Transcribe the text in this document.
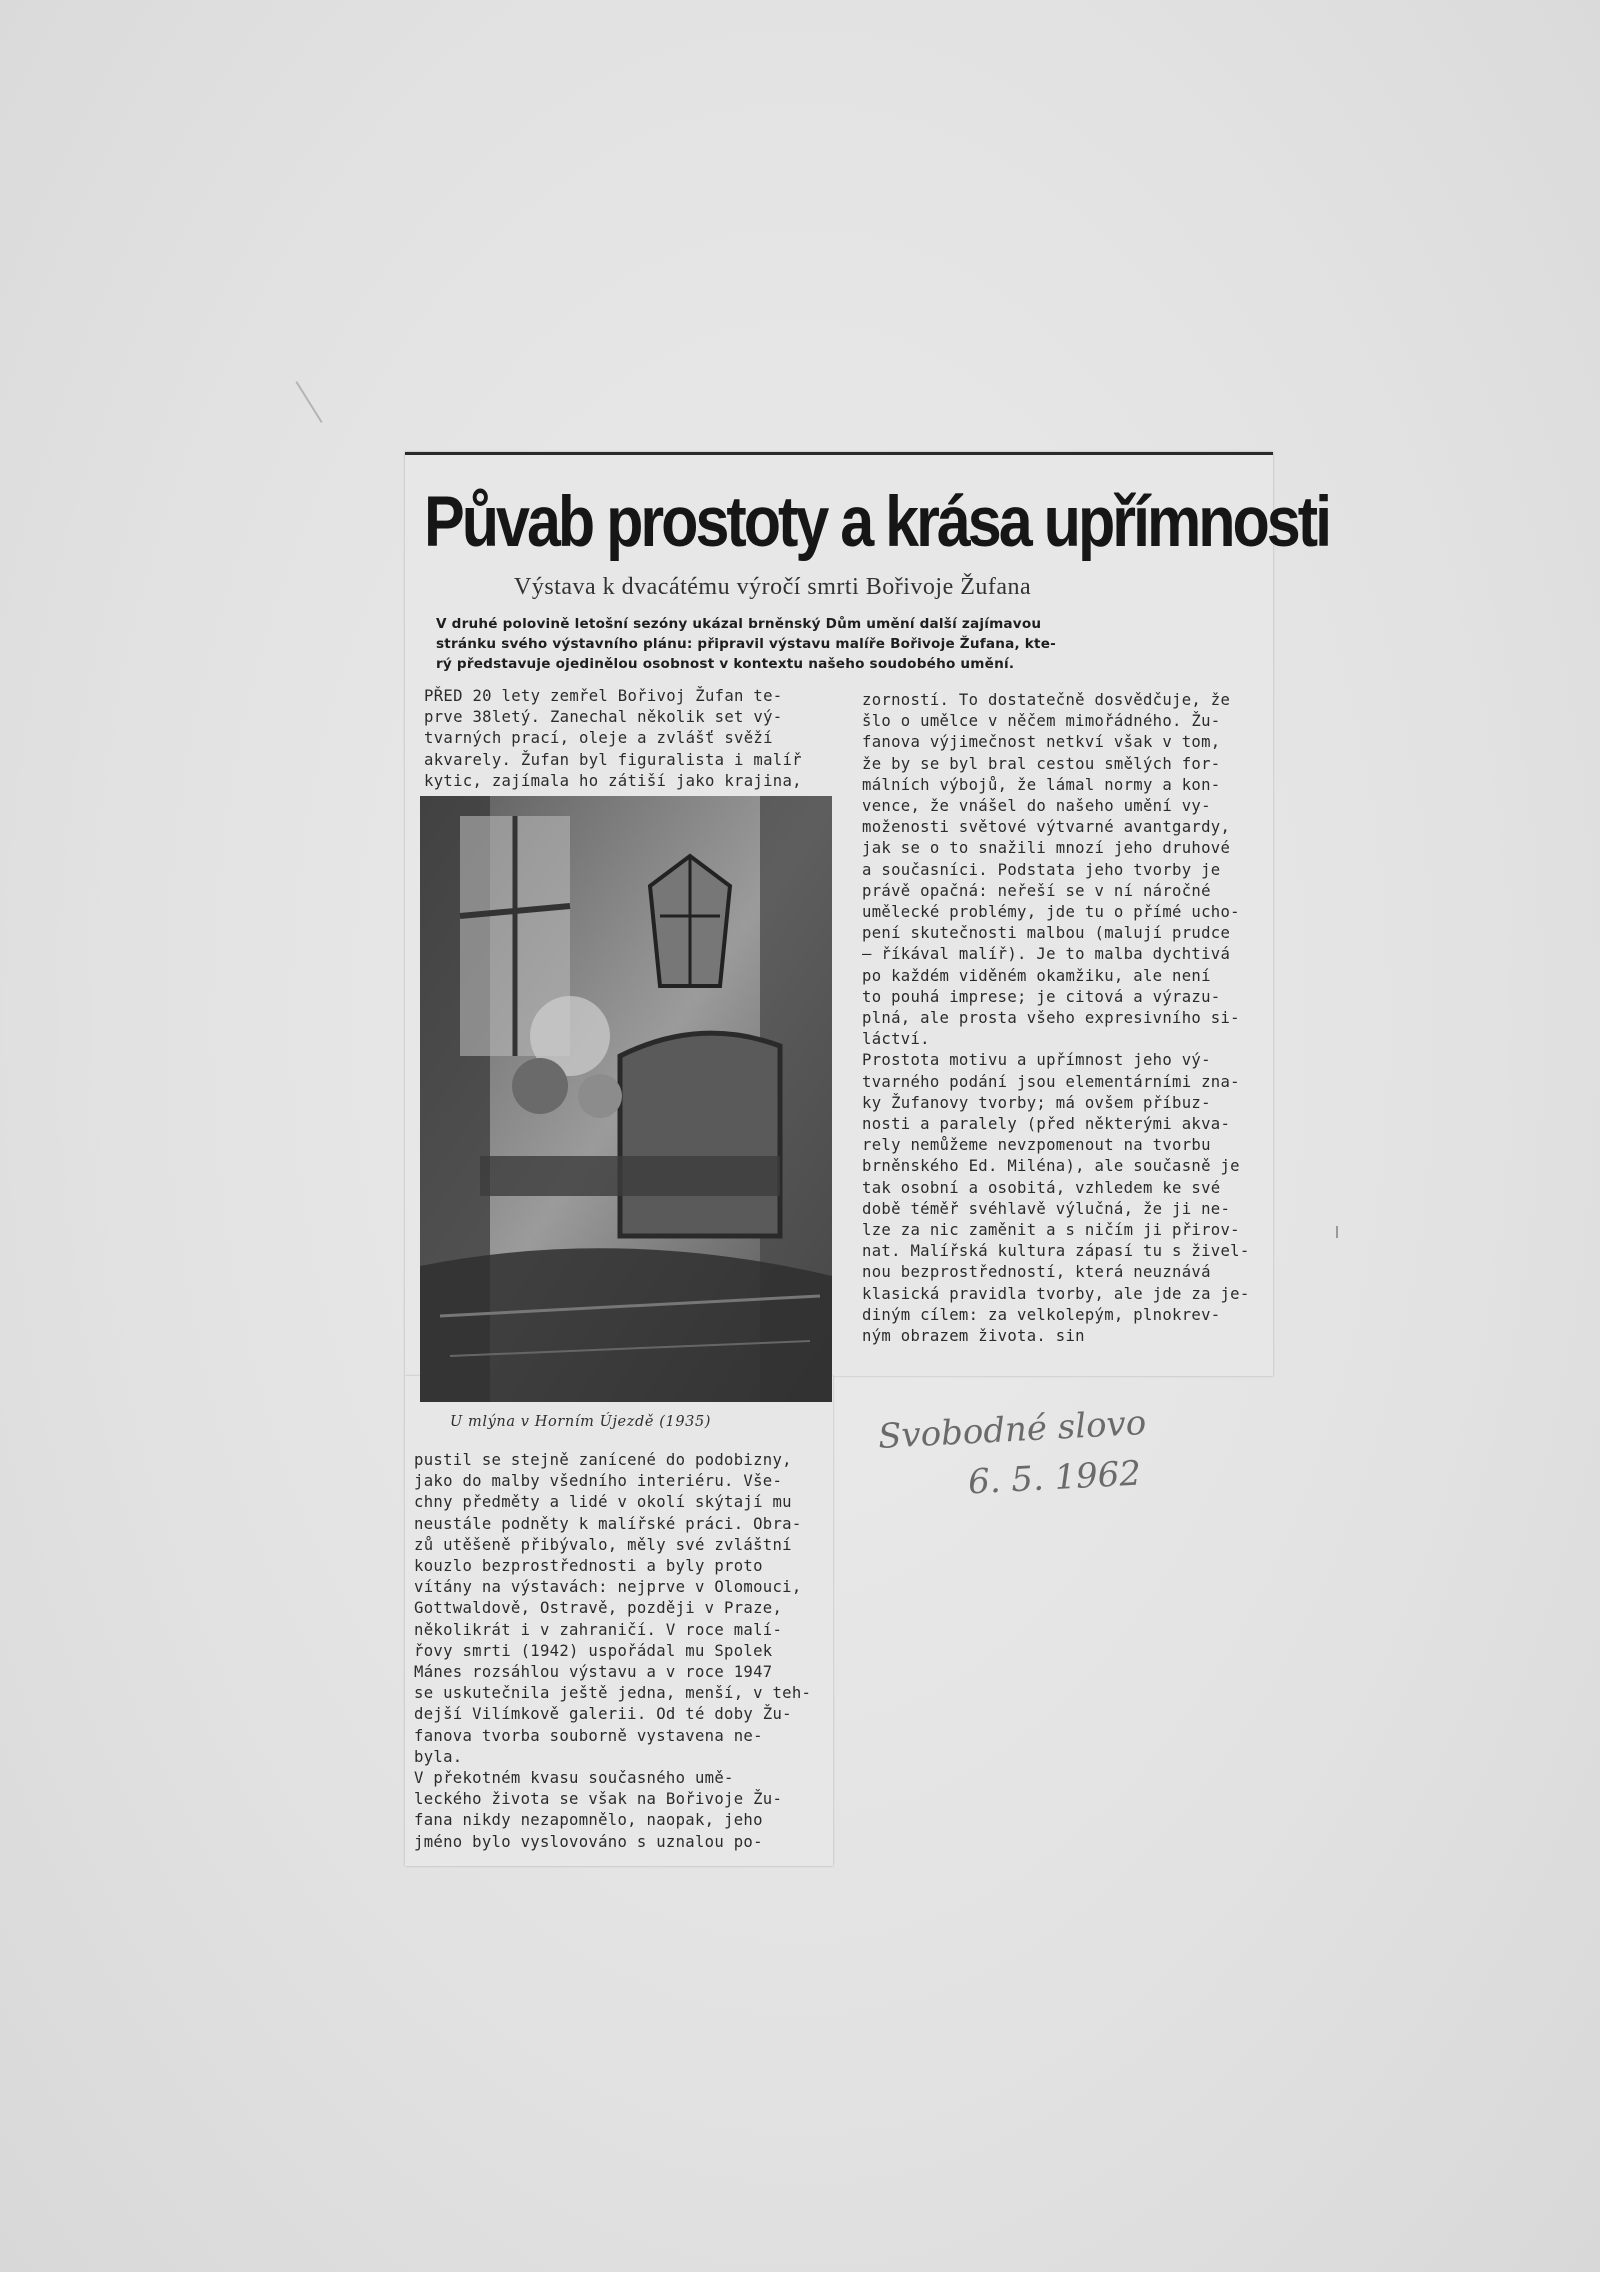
Půvab prostoty a krása upřímnosti
Výstava k dvacátému výročí smrti Bořivoje Žufana
V druhé polovině letošní sezóny ukázal brněnský Dům umění další zajímavou
stránku svého výstavního plánu: připravil výstavu malíře Bořivoje Žufana, kte-
rý představuje ojedinělou osobnost v kontextu našeho soudobého umění.
PŘED 20 lety zemřel Bořivoj Žufan te-
prve 38letý. Zanechal několik set vý-
tvarných prací, oleje a zvlášť svěží
akvarely. Žufan byl figuralista i malíř
kytic, zajímala ho zátiší jako krajina,
U mlýna v Horním Újezdě (1935)
zorností. To dostatečně dosvědčuje, že
šlo o umělce v něčem mimořádného. Žu-
fanova výjimečnost netkví však v tom,
že by se byl bral cestou smělých for-
málních výbojů, že lámal normy a kon-
vence, že vnášel do našeho umění vy-
moženosti světové výtvarné avantgardy,
jak se o to snažili mnozí jeho druhové
a současníci. Podstata jeho tvorby je
právě opačná: neřeší se v ní náročné
umělecké problémy, jde tu o přímé ucho-
pení skutečnosti malbou (malují prudce
— říkával malíř). Je to malba dychtivá
po každém viděném okamžiku, ale není
to pouhá imprese; je citová a výrazu-
plná, ale prosta všeho expresivního si-
láctví.
Prostota motivu a upřímnost jeho vý-
tvarného podání jsou elementárními zna-
ky Žufanovy tvorby; má ovšem příbuz-
nosti a paralely (před některými akva-
rely nemůžeme nevzpomenout na tvorbu
brněnského Ed. Miléna), ale současně je
tak osobní a osobitá, vzhledem ke své
době téměř svéhlavě výlučná, že ji ne-
lze za nic zaměnit a s ničím ji přirov-
nat. Malířská kultura zápasí tu s živel-
nou bezprostředností, která neuznává
klasická pravidla tvorby, ale jde za je-
diným cílem: za velkolepým, plnokrev-
ným obrazem života. sin
pustil se stejně zanícené do podobizny,
jako do malby všedního interiéru. Vše-
chny předměty a lidé v okolí skýtají mu
neustále podněty k malířské práci. Obra-
zů utěšeně přibývalo, měly své zvláštní
kouzlo bezprostřednosti a byly proto
vítány na výstavách: nejprve v Olomouci,
Gottwaldově, Ostravě, později v Praze,
několikrát i v zahraničí. V roce malí-
řovy smrti (1942) uspořádal mu Spolek
Mánes rozsáhlou výstavu a v roce 1947
se uskutečnila ještě jedna, menší, v teh-
dejší Vilímkově galerii. Od té doby Žu-
fanova tvorba souborně vystavena ne-
byla.
V překotném kvasu současného umě-
leckého života se však na Bořivoje Žu-
fana nikdy nezapomnělo, naopak, jeho
jméno bylo vyslovováno s uznalou po-
Svobodné slovo
6. 5. 1962
